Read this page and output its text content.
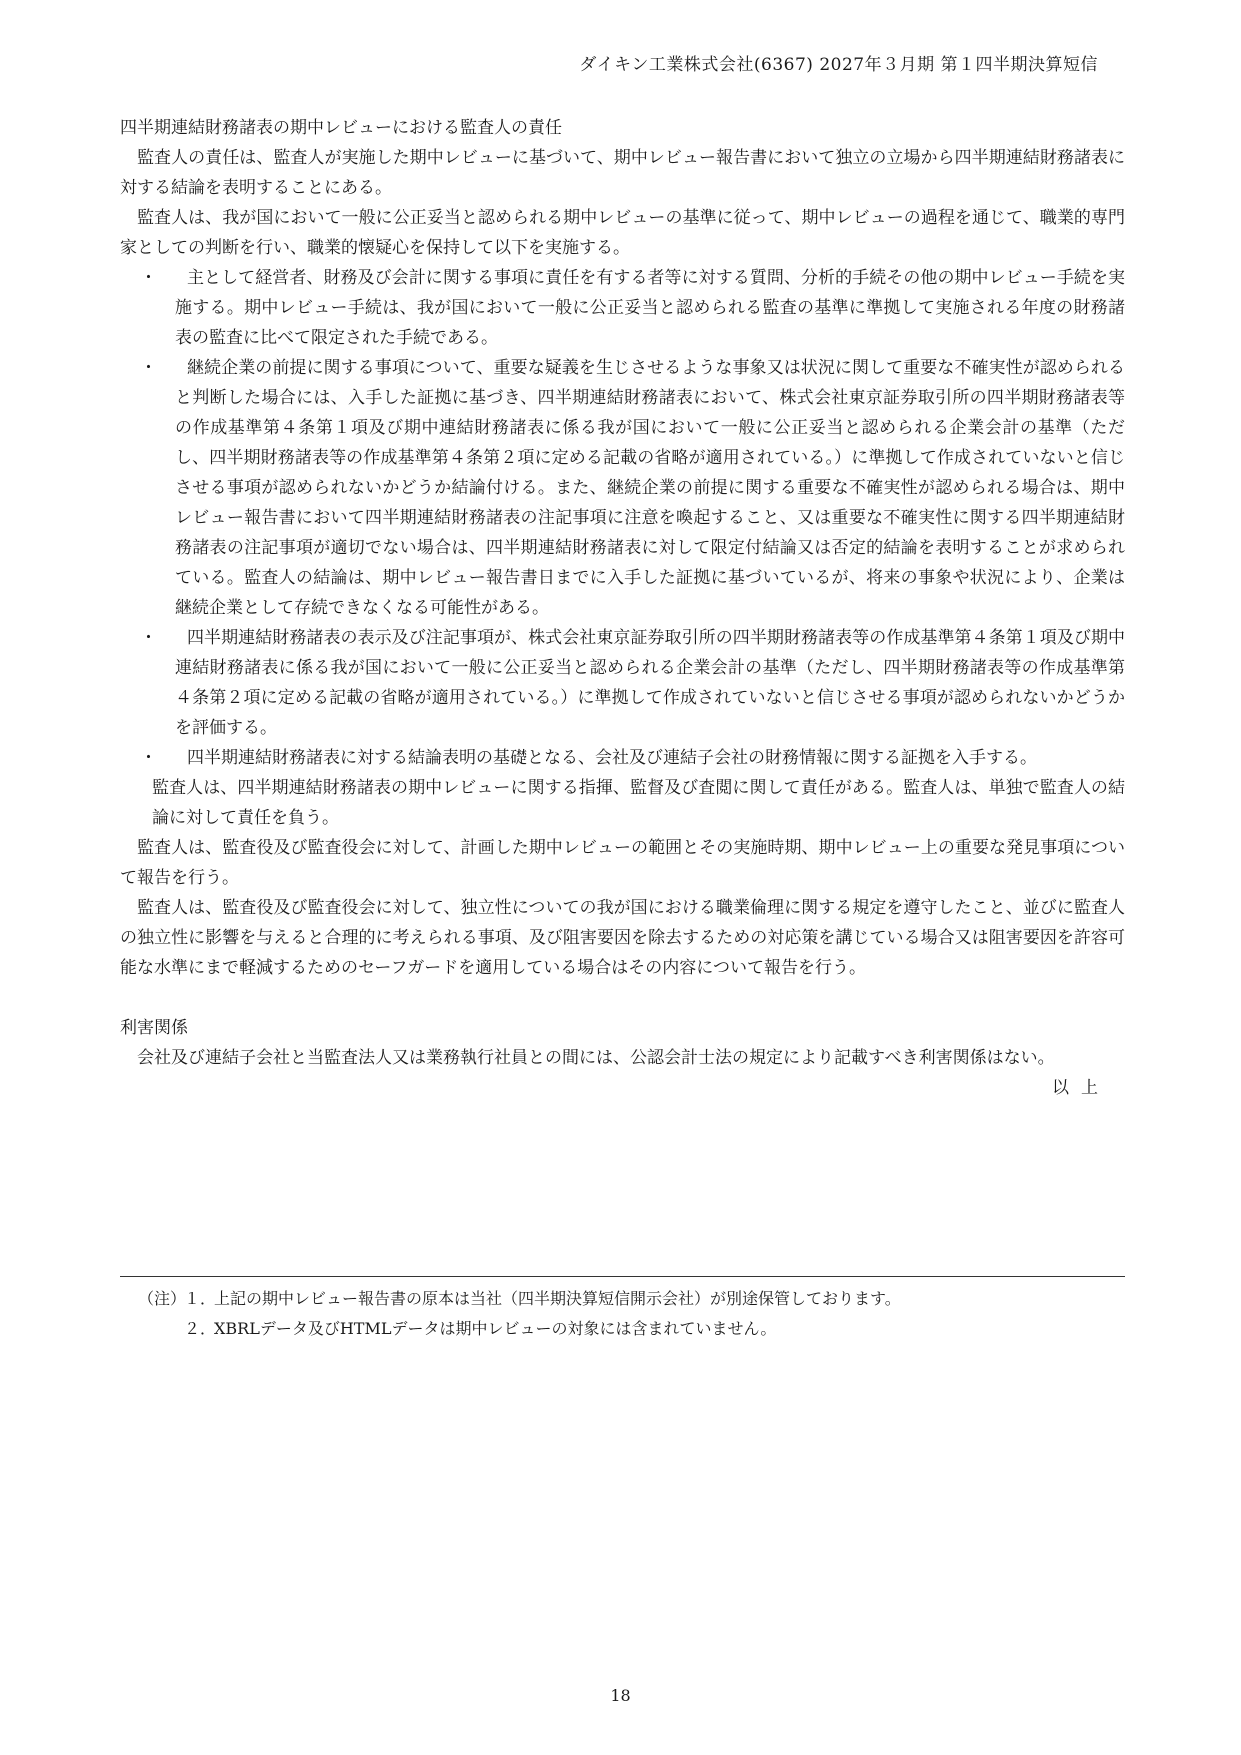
ダイキン工業株式会社(6367) 2027年３月期 第１四半期決算短信

四半期連結財務諸表の期中レビューにおける監査人の責任

監査人の責任は、監査人が実施した期中レビューに基づいて、期中レビュー報告書において独立の立場から四半期連結財務諸表に対する結論を表明することにある。

監査人は、我が国において一般に公正妥当と認められる期中レビューの基準に従って、期中レビューの過程を通じて、職業的専門家としての判断を行い、職業的懐疑心を保持して以下を実施する。

・ 主として経営者、財務及び会計に関する事項に責任を有する者等に対する質問、分析的手続その他の期中レビュー手続を実施する。期中レビュー手続は、我が国において一般に公正妥当と認められる監査の基準に準拠して実施される年度の財務諸表の監査に比べて限定された手続である。
・ 継続企業の前提に関する事項について、重要な疑義を生じさせるような事象又は状況に関して重要な不確実性が認められると判断した場合には、入手した証拠に基づき、四半期連結財務諸表において、株式会社東京証券取引所の四半期財務諸表等の作成基準第４条第１項及び期中連結財務諸表に係る我が国において一般に公正妥当と認められる企業会計の基準（ただし、四半期財務諸表等の作成基準第４条第２項に定める記載の省略が適用されている。）に準拠して作成されていないと信じさせる事項が認められないかどうか結論付ける。また、継続企業の前提に関する重要な不確実性が認められる場合は、期中レビュー報告書において四半期連結財務諸表の注記事項に注意を喚起すること、又は重要な不確実性に関する四半期連結財務諸表の注記事項が適切でない場合は、四半期連結財務諸表に対して限定付結論又は否定的結論を表明することが求められている。監査人の結論は、期中レビュー報告書日までに入手した証拠に基づいているが、将来の事象や状況により、企業は継続企業として存続できなくなる可能性がある。
・ 四半期連結財務諸表の表示及び注記事項が、株式会社東京証券取引所の四半期財務諸表等の作成基準第４条第１項及び期中連結財務諸表に係る我が国において一般に公正妥当と認められる企業会計の基準（ただし、四半期財務諸表等の作成基準第４条第２項に定める記載の省略が適用されている。）に準拠して作成されていないと信じさせる事項が認められないかどうかを評価する。
・ 四半期連結財務諸表に対する結論表明の基礎となる、会社及び連結子会社の財務情報に関する証拠を入手する。

監査人は、四半期連結財務諸表の期中レビューに関する指揮、監督及び査閲に関して責任がある。監査人は、単独で監査人の結論に対して責任を負う。

監査人は、監査役及び監査役会に対して、計画した期中レビューの範囲とその実施時期、期中レビュー上の重要な発見事項について報告を行う。

監査人は、監査役及び監査役会に対して、独立性についての我が国における職業倫理に関する規定を遵守したこと、並びに監査人の独立性に影響を与えると合理的に考えられる事項、及び阻害要因を除去するための対応策を講じている場合又は阻害要因を許容可能な水準にまで軽減するためのセーフガードを適用している場合はその内容について報告を行う。

利害関係

会社及び連結子会社と当監査法人又は業務執行社員との間には、公認会計士法の規定により記載すべき利害関係はない。

以上

（注）
１．
上記の期中レビュー報告書の原本は当社（四半期決算短信開示会社）が別途保管しております。
２．
XBRLデータ及びHTMLデータは期中レビューの対象には含まれていません。
18
